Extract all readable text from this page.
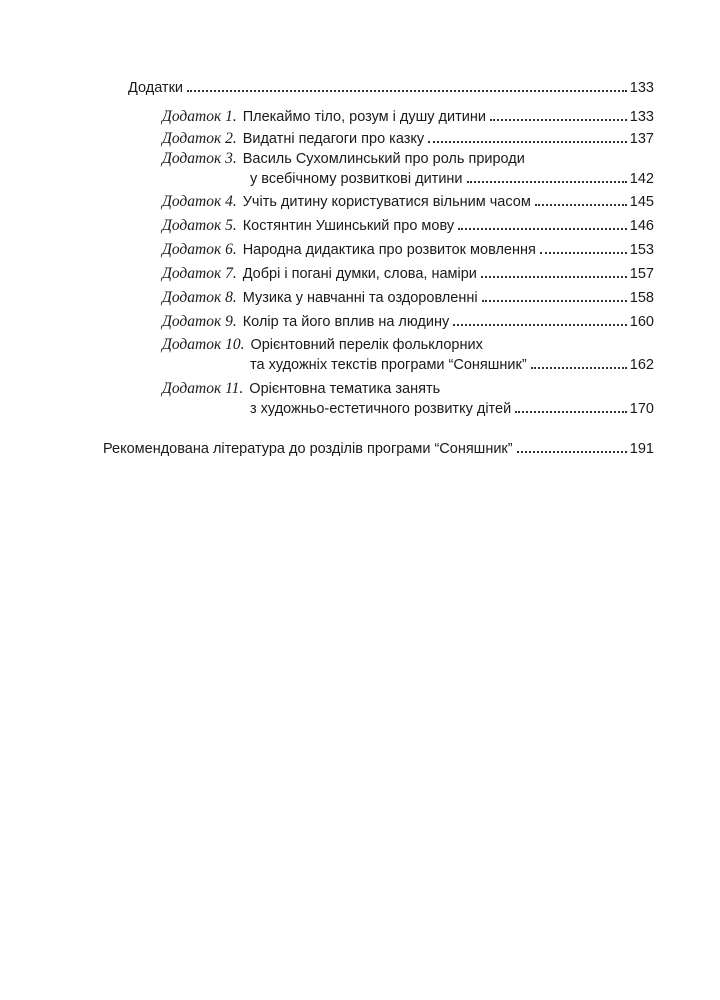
Додатки	133
Додаток 1. Плекаймо тіло, розум і душу дитини	133
Додаток 2. Видатні педагоги про казку	137
Додаток 3. Василь Сухомлинський про роль природи
у всебічному розвиткові дитини	142
Додаток 4. Учіть дитину користуватися вільним часом	145
Додаток 5. Костянтин Ушинський про мову	146
Додаток 6. Народна дидактика про розвиток мовлення	153
Додаток 7. Добрі і погані думки, слова, наміри	157
Додаток 8. Музика у навчанні та оздоровленні	158
Додаток 9. Колір та його вплив на людину	160
Додаток 10. Орієнтовний перелік фольклорних
та художніх текстів програми “Соняшник”	162
Додаток 11. Орієнтовна тематика занять
з художньо-естетичного розвитку дітей	170
Рекомендована література до розділів програми “Соняшник”	191
